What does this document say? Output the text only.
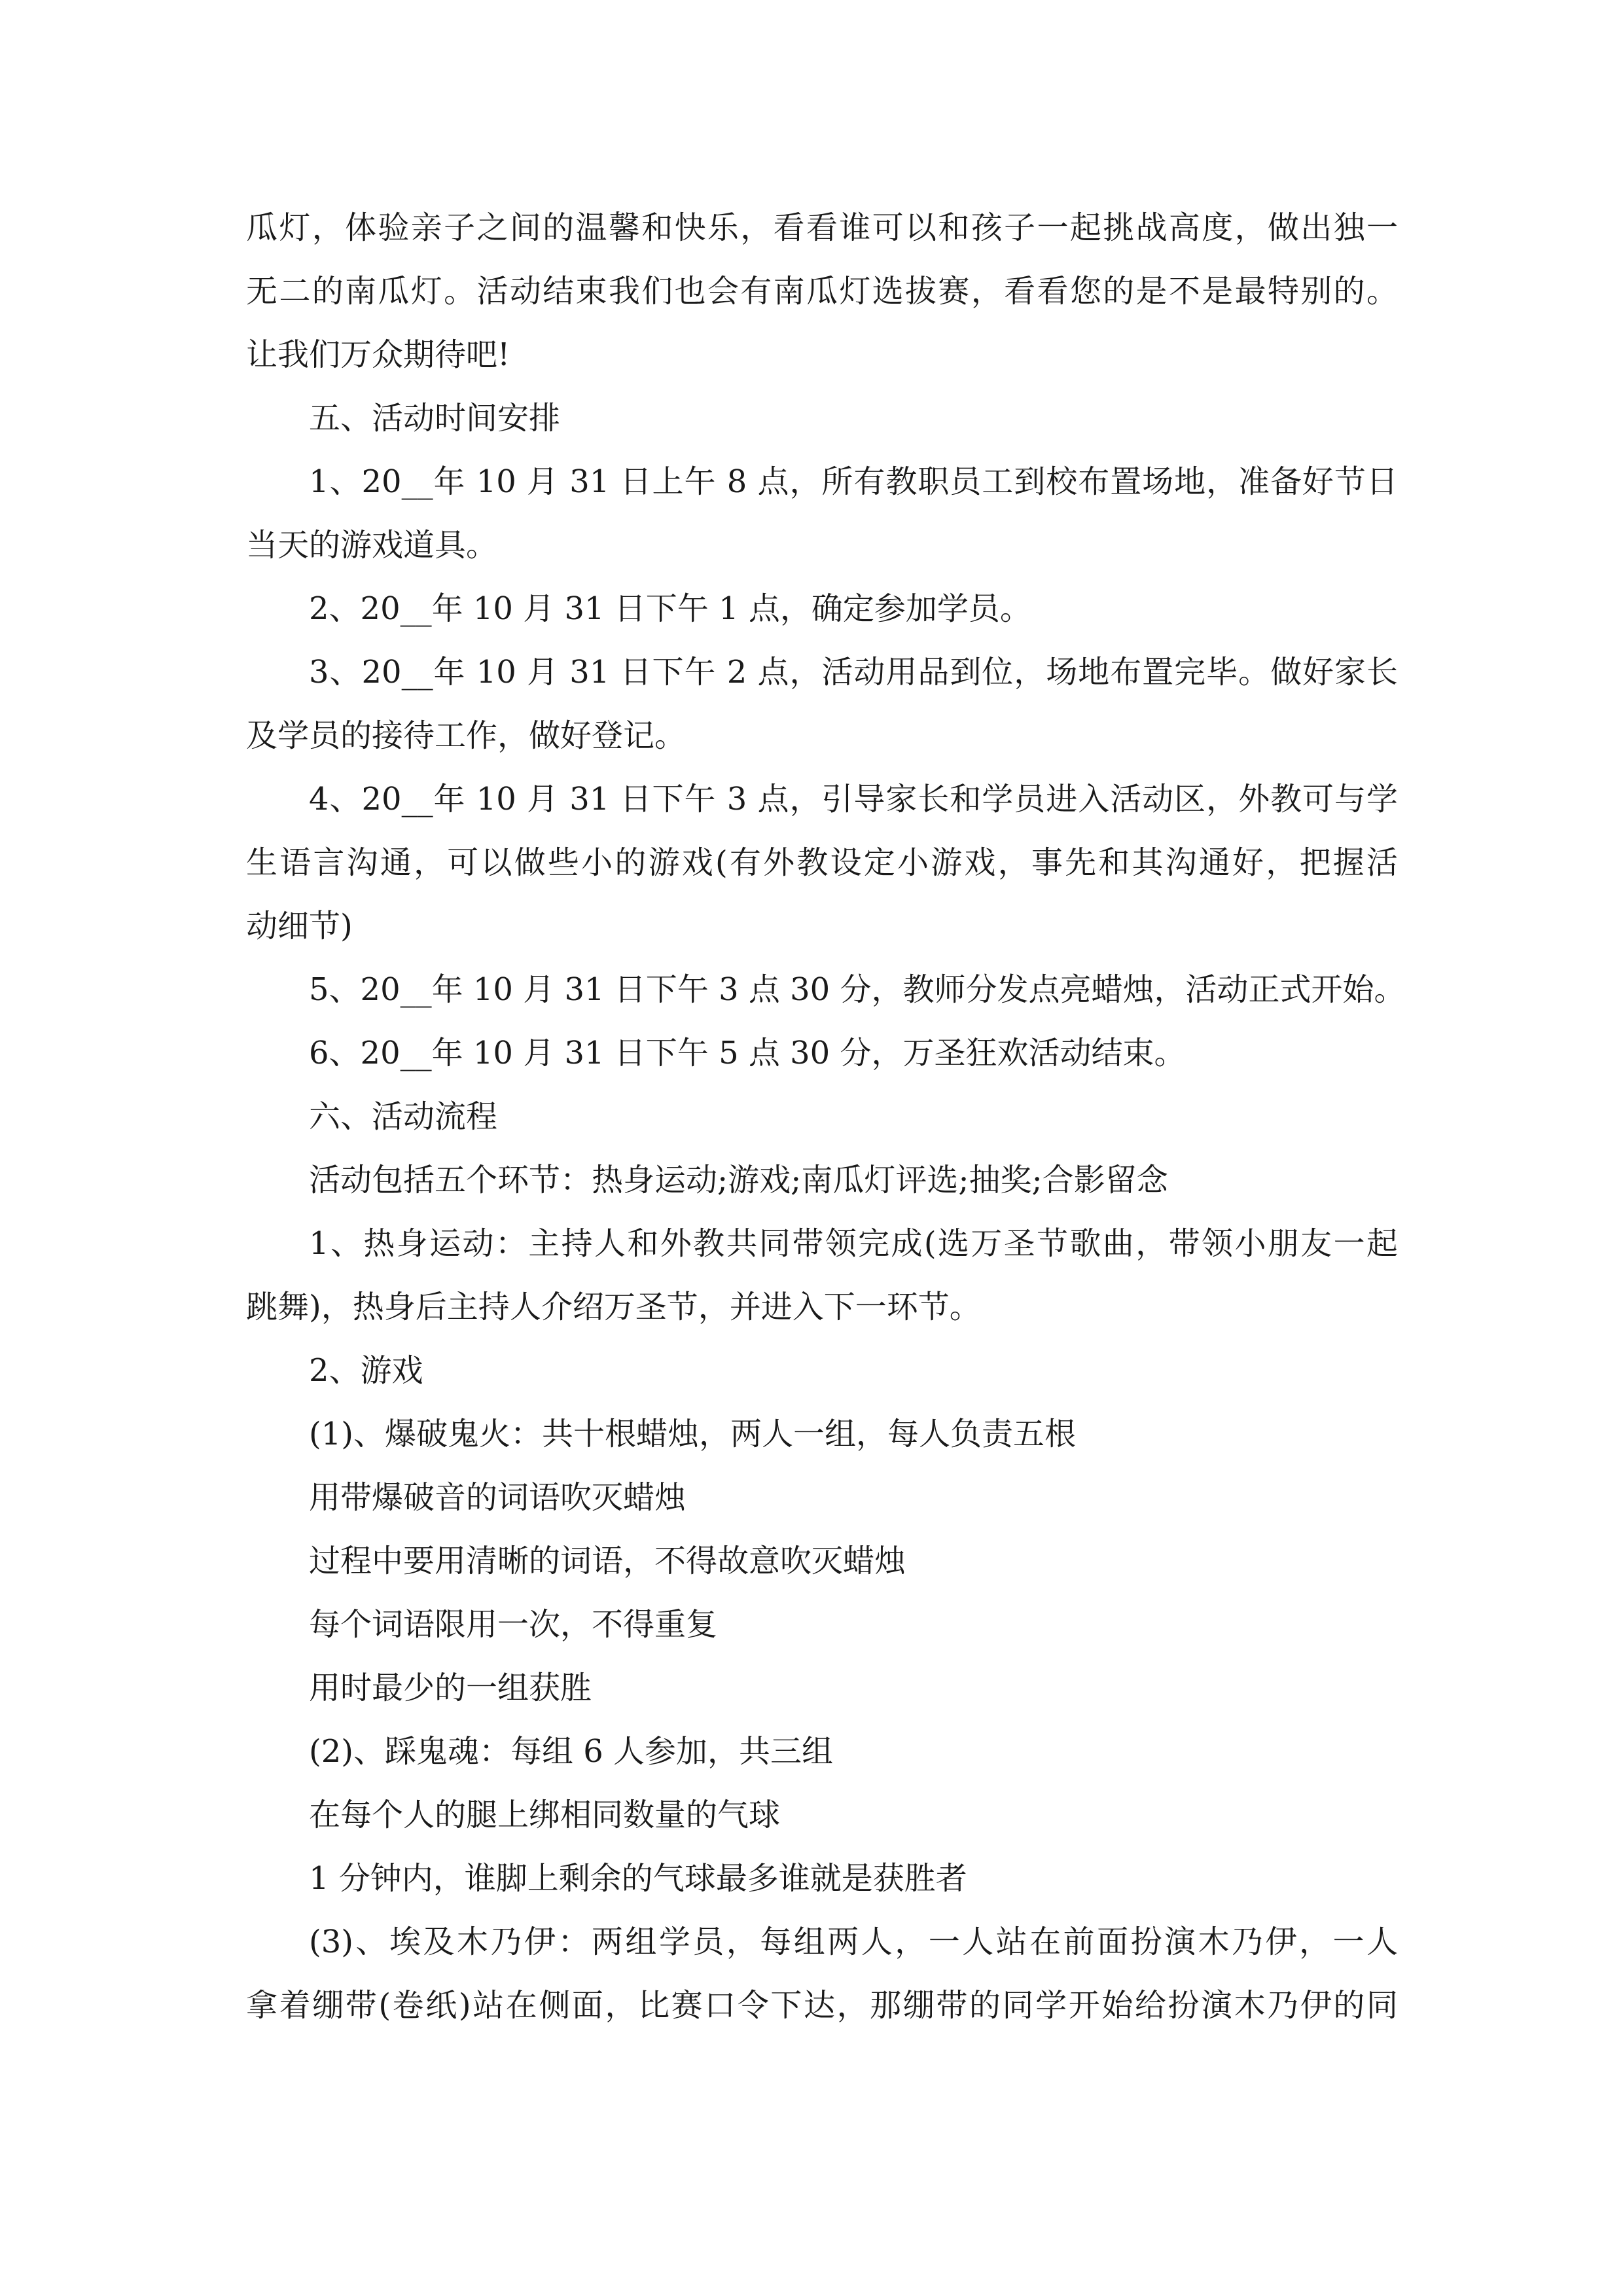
瓜灯，体验亲子之间的温馨和快乐，看看谁可以和孩子一起挑战高度，做出独一

无二的南瓜灯。活动结束我们也会有南瓜灯选拔赛，看看您的是不是最特别的。

让我们万众期待吧!

五、活动时间安排

1、20__年 10 月 31 日上午 8 点，所有教职员工到校布置场地，准备好节日

当天的游戏道具。

2、20__年 10 月 31 日下午 1 点，确定参加学员。

3、20__年 10 月 31 日下午 2 点，活动用品到位，场地布置完毕。做好家长

及学员的接待工作，做好登记。

4、20__年 10 月 31 日下午 3 点，引导家长和学员进入活动区，外教可与学

生语言沟通，可以做些小的游戏(有外教设定小游戏，事先和其沟通好，把握活

动细节)

5、20__年 10 月 31 日下午 3 点 30 分，教师分发点亮蜡烛，活动正式开始。

6、20__年 10 月 31 日下午 5 点 30 分，万圣狂欢活动结束。

六、活动流程

活动包括五个环节：热身运动;游戏;南瓜灯评选;抽奖;合影留念

1、热身运动：主持人和外教共同带领完成(选万圣节歌曲，带领小朋友一起

跳舞)，热身后主持人介绍万圣节，并进入下一环节。

2、游戏

(1)、爆破鬼火：共十根蜡烛，两人一组，每人负责五根

用带爆破音的词语吹灭蜡烛

过程中要用清晰的词语，不得故意吹灭蜡烛

每个词语限用一次，不得重复

用时最少的一组获胜

(2)、踩鬼魂：每组 6 人参加，共三组

在每个人的腿上绑相同数量的气球

1 分钟内，谁脚上剩余的气球最多谁就是获胜者

(3)、埃及木乃伊：两组学员，每组两人，一人站在前面扮演木乃伊，一人

拿着绷带(卷纸)站在侧面，比赛口令下达，那绷带的同学开始给扮演木乃伊的同
